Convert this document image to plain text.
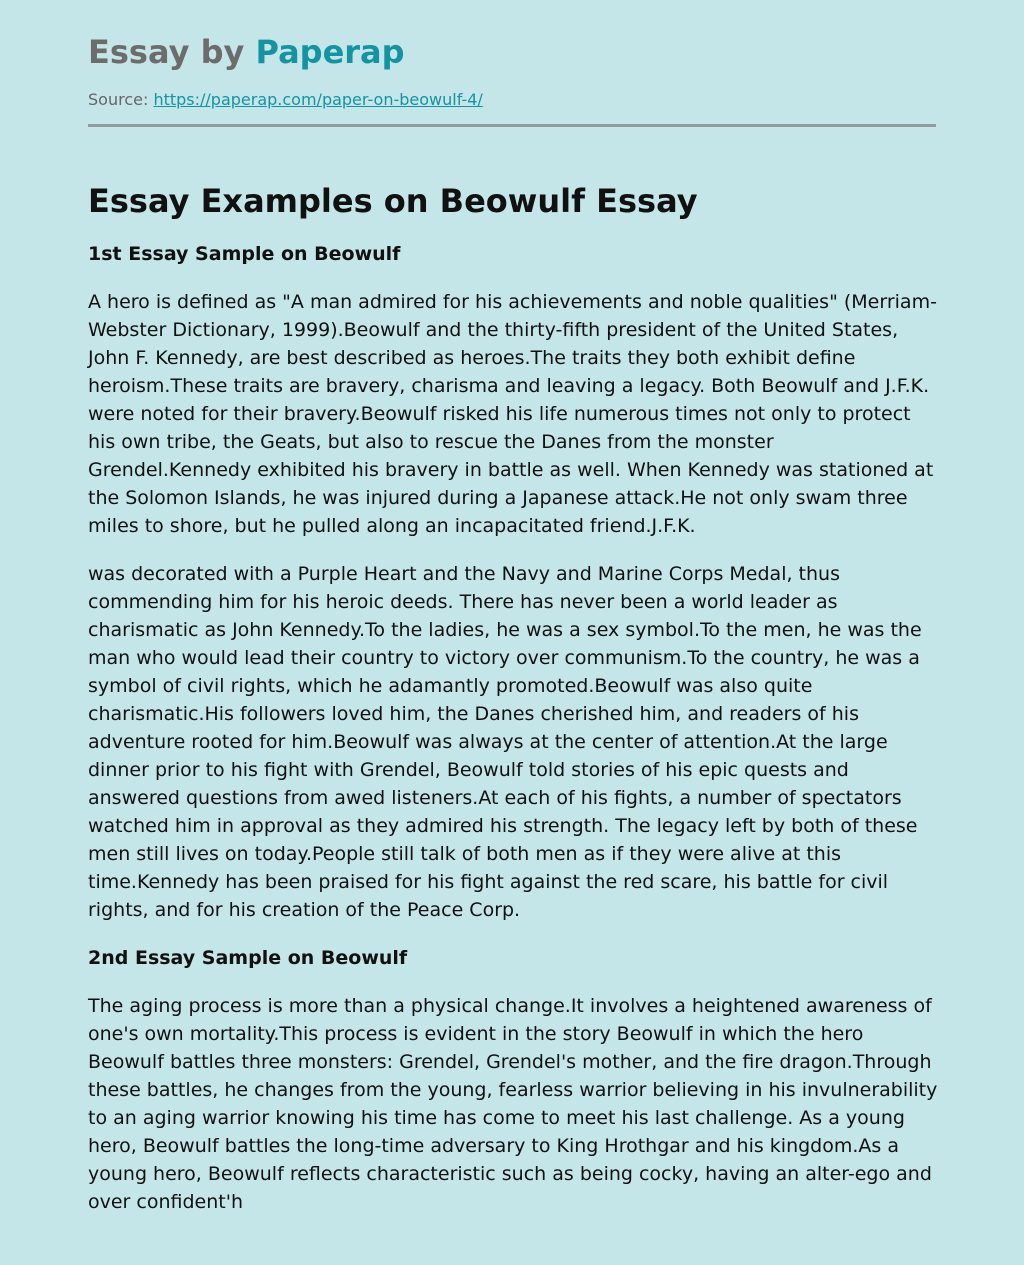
Essay by Paperap
Source: https://paperap.com/paper-on-beowulf-4/
Essay Examples on Beowulf Essay
1st Essay Sample on Beowulf

A hero is defined as "A man admired for his achievements and noble qualities" (Merriam-Webster Dictionary, 1999).Beowulf and the thirty-fifth president of the United States, John F. Kennedy, are best described as heroes.The traits they both exhibit define heroism.These traits are bravery, charisma and leaving a legacy. Both Beowulf and J.F.K. were noted for their bravery.Beowulf risked his life numerous times not only to protect his own tribe, the Geats, but also to rescue the Danes from the monster Grendel.Kennedy exhibited his bravery in battle as well. When Kennedy was stationed at the Solomon Islands, he was injured during a Japanese attack.He not only swam three miles to shore, but he pulled along an incapacitated friend.J.F.K.

was decorated with a Purple Heart and the Navy and Marine Corps Medal, thus commending him for his heroic deeds. There has never been a world leader as charismatic as John Kennedy.To the ladies, he was a sex symbol.To the men, he was the man who would lead their country to victory over communism.To the country, he was a symbol of civil rights, which he adamantly promoted.Beowulf was also quite charismatic.His followers loved him, the Danes cherished him, and readers of his adventure rooted for him.Beowulf was always at the center of attention.At the large dinner prior to his fight with Grendel, Beowulf told stories of his epic quests and answered questions from awed listeners.At each of his fights, a number of spectators watched him in approval as they admired his strength. The legacy left by both of these men still lives on today.People still talk of both men as if they were alive at this time.Kennedy has been praised for his fight against the red scare, his battle for civil rights, and for his creation of the Peace Corp.

2nd Essay Sample on Beowulf

The aging process is more than a physical change.It involves a heightened awareness of one's own mortality.This process is evident in the story Beowulf in which the hero Beowulf battles three monsters: Grendel, Grendel's mother, and the fire dragon.Through these battles, he changes from the young, fearless warrior believing in his invulnerability to an aging warrior knowing his time has come to meet his last challenge. As a young hero, Beowulf battles the long-time adversary to King Hrothgar and his kingdom.As a young hero, Beowulf reflects characteristic such as being cocky, having an alter-ego and over confident'h
